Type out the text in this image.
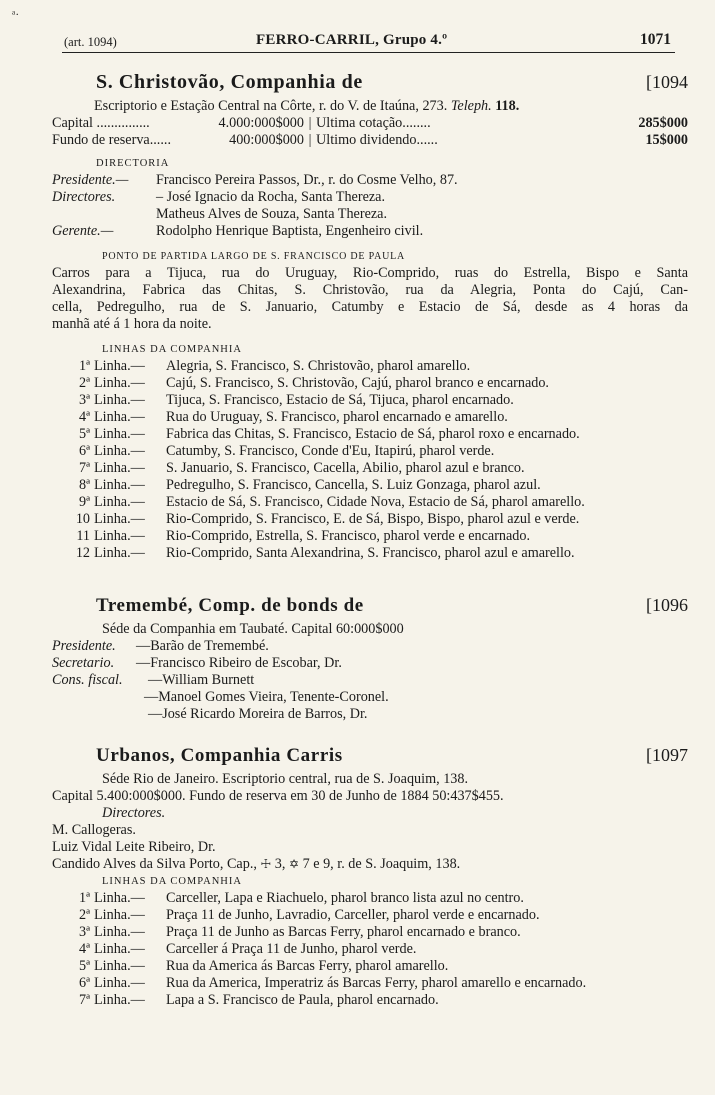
ᵃ·
(art. 1094)	FERRO-CARRIL, Grupo 4.º	1071
S. Christovão, Companhia de	[1094
Escriptorio e Estação Central na Côrte, r. do V. de Itaúna, 273. Teleph. 118.
Capital ...............	4.000:000$000 | Ultima cotação........	285$000
Fundo de reserva......	400:000$000 | Ultimo dividendo......	15$000
DIRECTORIA
Presidente.— Francisco Pereira Passos, Dr., r. do Cosme Velho, 87.
Directores.	– José Ignacio da Rocha, Santa Thereza.
Matheus Alves de Souza, Santa Thereza.
Gerente.—	Rodolpho Henrique Baptista, Engenheiro civil.
PONTO DE PARTIDA LARGO DE S. FRANCISCO DE PAULA
Carros para a Tijuca, rua do Uruguay, Rio-Comprido, ruas do Estrella, Bispo e Santa
Alexandrina, Fabrica das Chitas, S. Christovão, rua da Alegria, Ponta do Cajú, Can-
cella, Pedregulho, rua de S. Januario, Catumby e Estacio de Sá, desde as 4 horas da
manhã até á 1 hora da noite.
LINHAS DA COMPANHIA
1ª Linha.—	Alegria, S. Francisco, S. Christovão, pharol amarello.
2ª Linha.—	Cajú, S. Francisco, S. Christovão, Cajú, pharol branco e encarnado.
3ª Linha.—	Tijuca, S. Francisco, Estacio de Sá, Tijuca, pharol encarnado.
4ª Linha.—	Rua do Uruguay, S. Francisco, pharol encarnado e amarello.
5ª Linha.—	Fabrica das Chitas, S. Francisco, Estacio de Sá, pharol roxo e encarnado.
6ª Linha.—	Catumby, S. Francisco, Conde d'Eu, Itapirú, pharol verde.
7ª Linha.—	S. Januario, S. Francisco, Cacella, Abilio, pharol azul e branco.
8ª Linha.—	Pedregulho, S. Francisco, Cancella, S. Luiz Gonzaga, pharol azul.
9ª Linha.—	Estacio de Sá, S. Francisco, Cidade Nova, Estacio de Sá, pharol amarello.
10 Linha.—	Rio-Comprido, S. Francisco, E. de Sá, Bispo, Bispo, pharol azul e verde.
11 Linha.—	Rio-Comprido, Estrella, S. Francisco, pharol verde e encarnado.
12 Linha.—	Rio-Comprido, Santa Alexandrina, S. Francisco, pharol azul e amarello.
Tremembé, Comp. de bonds de	[1096
Séde da Companhia em Taubaté. Capital 60:000$000
Presidente. —Barão de Tremembé.
Secretario. —Francisco Ribeiro de Escobar, Dr.
Cons. fiscal. —William Burnett
—Manoel Gomes Vieira, Tenente-Coronel.
—José Ricardo Moreira de Barros, Dr.
Urbanos, Companhia Carris	[1097
Séde Rio de Janeiro. Escriptorio central, rua de S. Joaquim, 138.
Capital 5.400:000$000. Fundo de reserva em 30 de Junho de 1884 50:437$455.
Directores.
M. Callogeras.
Luiz Vidal Leite Ribeiro, Dr.
Candido Alves da Silva Porto, Cap., ☩ 3, ✡ 7 e 9, r. de S. Joaquim, 138.
LINHAS DA COMPANHIA
1ª Linha.—	Carceller, Lapa e Riachuelo, pharol branco lista azul no centro.
2ª Linha.—	Praça 11 de Junho, Lavradio, Carceller, pharol verde e encarnado.
3ª Linha.—	Praça 11 de Junho as Barcas Ferry, pharol encarnado e branco.
4ª Linha.—	Carceller á Praça 11 de Junho, pharol verde.
5ª Linha.—	Rua da America ás Barcas Ferry, pharol amarello.
6ª Linha.—	Rua da America, Imperatriz ás Barcas Ferry, pharol amarello e encarnado.
7ª Linha.—	Lapa a S. Francisco de Paula, pharol encarnado.
